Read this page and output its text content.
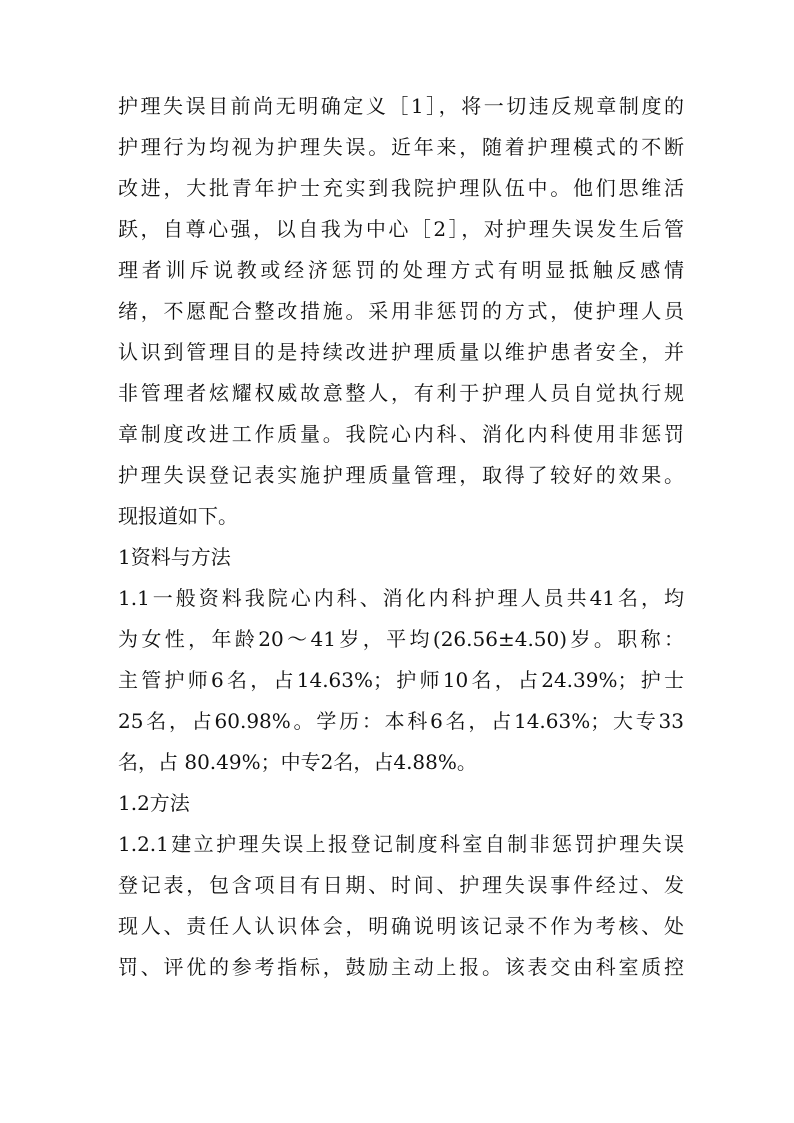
护理失误目前尚无明确定义［1］，将一切违反规章制度的
护理行为均视为护理失误。近年来，随着护理模式的不断
改进，大批青年护士充实到我院护理队伍中。他们思维活
跃，自尊心强，以自我为中心［2］，对护理失误发生后管
理者训斥说教或经济惩罚的处理方式有明显抵触反感情
绪，不愿配合整改措施。采用非惩罚的方式，使护理人员
认识到管理目的是持续改进护理质量以维护患者安全，并
非管理者炫耀权威故意整人，有利于护理人员自觉执行规
章制度改进工作质量。我院心内科、消化内科使用非惩罚
护理失误登记表实施护理质量管理，取得了较好的效果。
现报道如下。
1资料与方法
1.1一般资料我院心内科、消化内科护理人员共41名，均
为女性，年龄20～41岁，平均(26.56±4.50)岁。职称：
主管护师6名，占14.63%；护师10名，占24.39%；护士
25名，占60.98%。学历：本科6名，占14.63%；大专33
名，占 80.49%；中专2名，占4.88%。
1.2方法
1.2.1建立护理失误上报登记制度科室自制非惩罚护理失误
登记表，包含项目有日期、时间、护理失误事件经过、发
现人、责任人认识体会，明确说明该记录不作为考核、处
罚、评优的参考指标，鼓励主动上报。该表交由科室质控
